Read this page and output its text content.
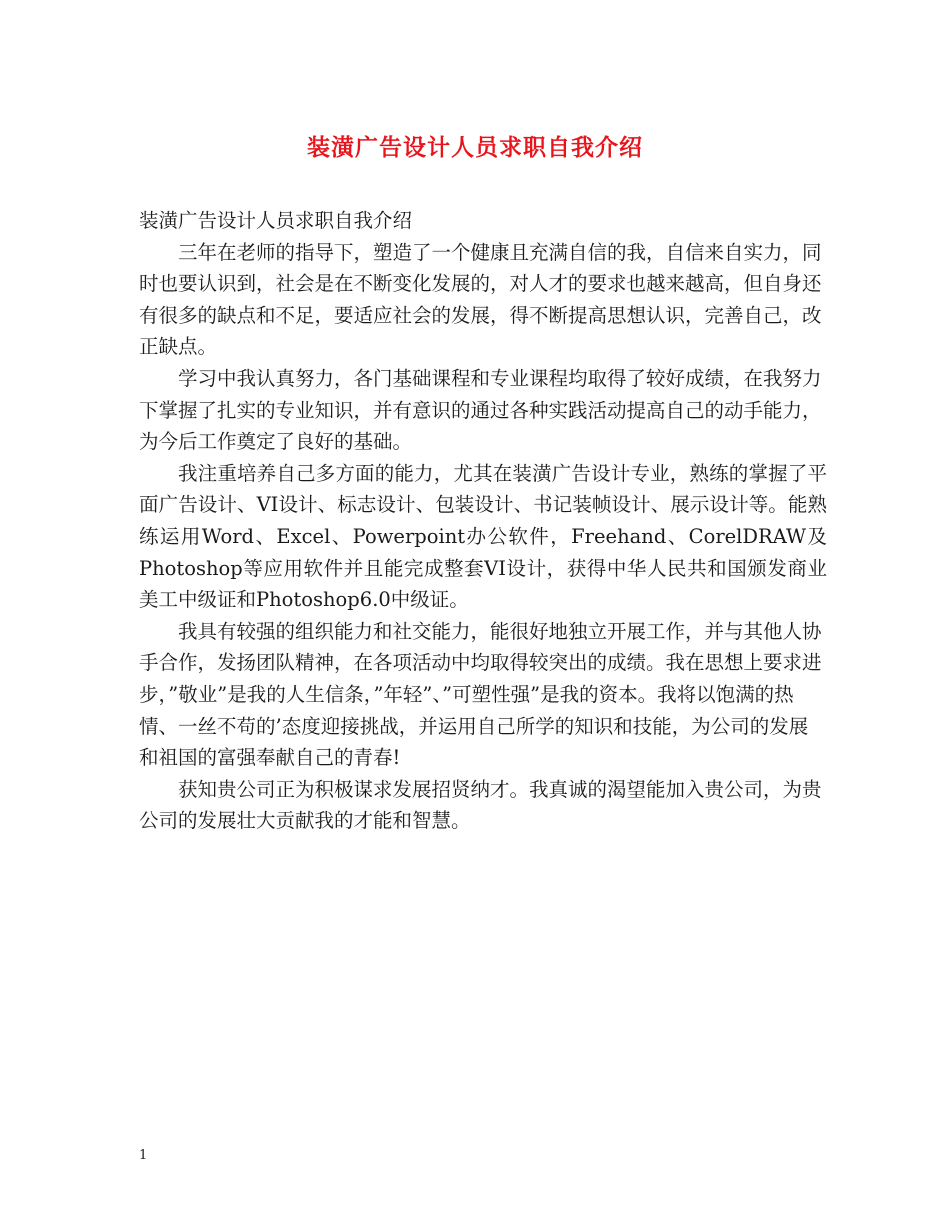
装潢广告设计人员求职自我介绍

装潢广告设计人员求职自我介绍

三年在老师的指导下，塑造了一个健康且充满自信的我，自信来自实力，同时也要认识到，社会是在不断变化发展的，对人才的要求也越来越高，但自身还有很多的缺点和不足，要适应社会的发展，得不断提高思想认识，完善自己，改正缺点。

学习中我认真努力，各门基础课程和专业课程均取得了较好成绩，在我努力下掌握了扎实的专业知识，并有意识的通过各种实践活动提高自己的动手能力，为今后工作奠定了良好的基础。

我注重培养自己多方面的能力，尤其在装潢广告设计专业，熟练的掌握了平面广告设计、VI设计、标志设计、包装设计、书记装帧设计、展示设计等。能熟练运用Word、Excel、Powerpoint办公软件，Freehand、CorelDRAW及Photoshop等应用软件并且能完成整套VI设计，获得中华人民共和国颁发商业美工中级证和Photoshop6.0中级证。

我具有较强的组织能力和社交能力，能很好地独立开展工作，并与其他人协手合作，发扬团队精神，在各项活动中均取得较突出的成绩。我在思想上要求进步，”敬业”是我的人生信条，”年轻”、”可塑性强”是我的资本。我将以饱满的热情、一丝不苟的’态度迎接挑战，并运用自己所学的知识和技能，为公司的发展和祖国的富强奉献自己的青春!

获知贵公司正为积极谋求发展招贤纳才。我真诚的渴望能加入贵公司，为贵公司的发展壮大贡献我的才能和智慧。

1
